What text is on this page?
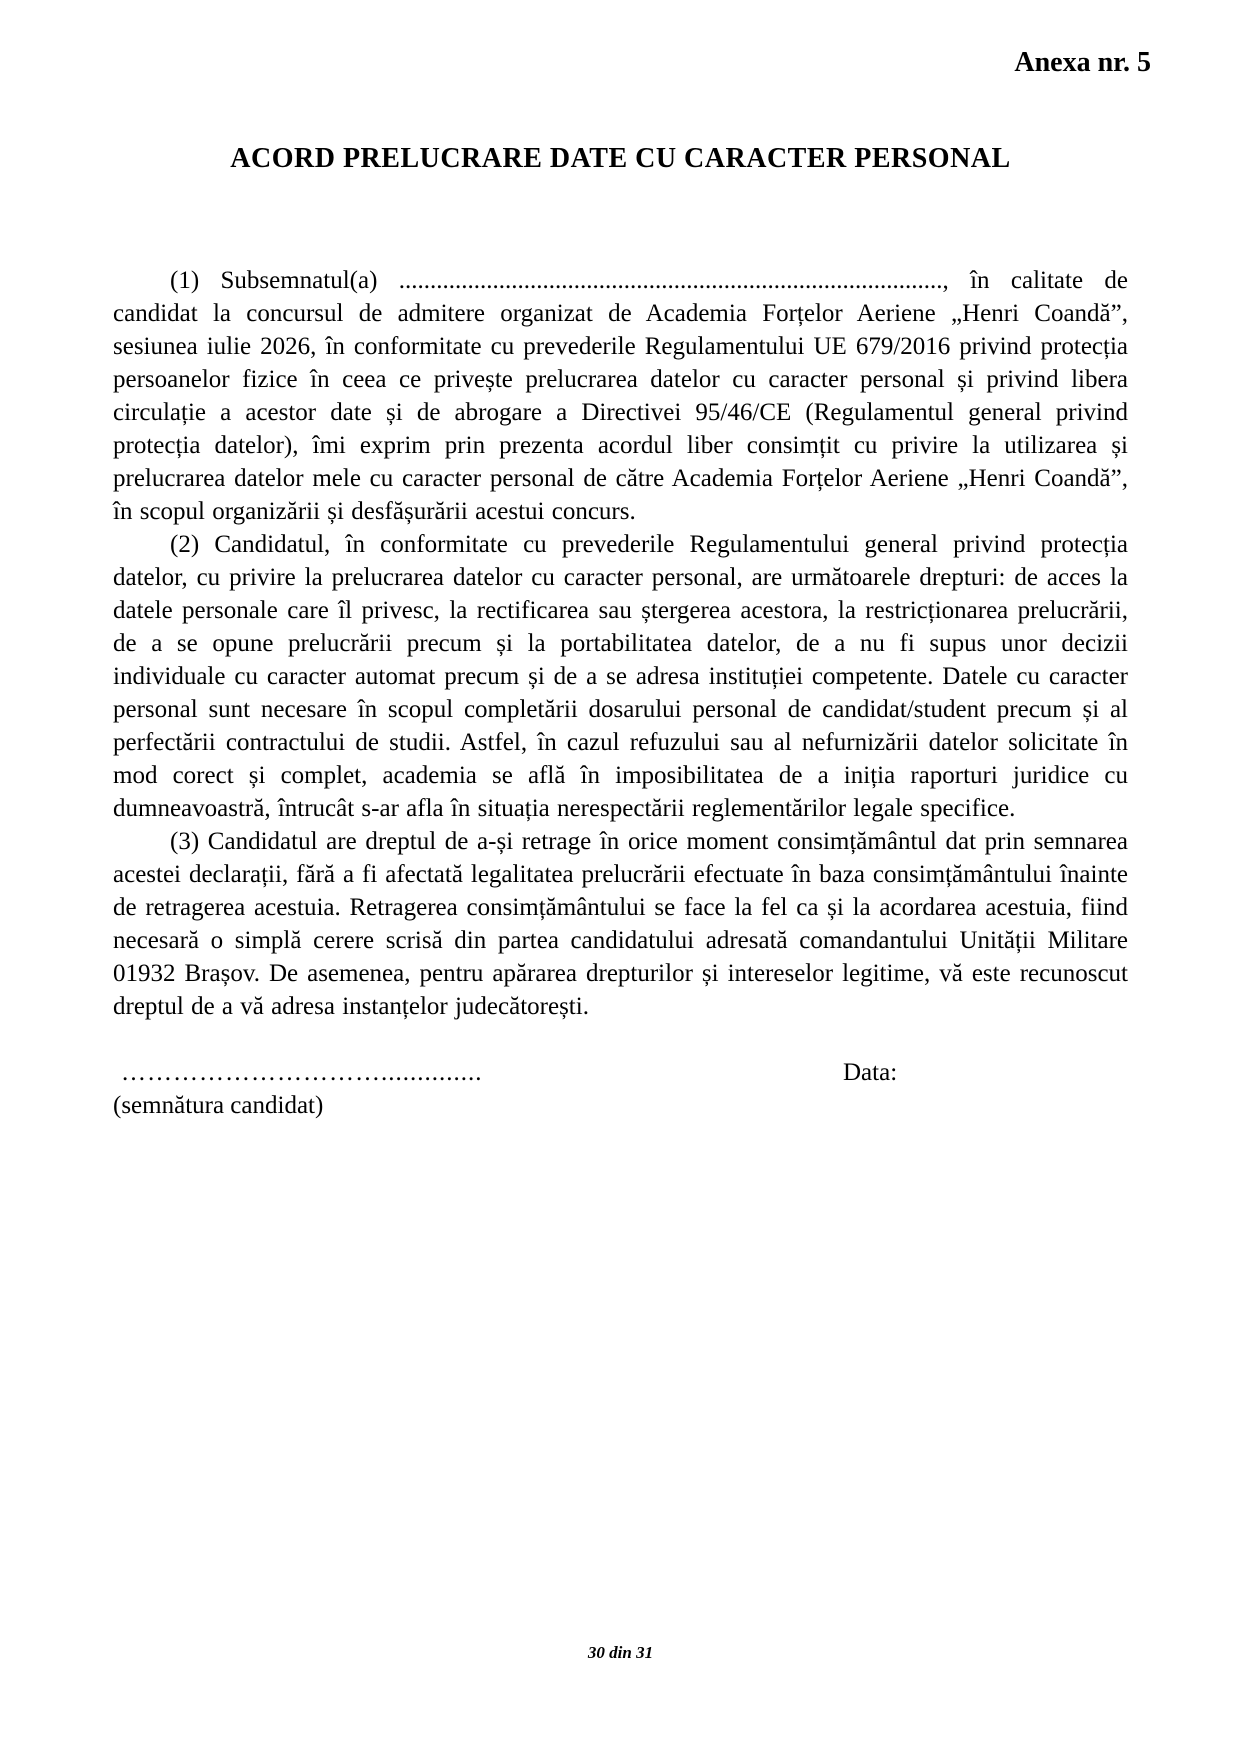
Anexa nr. 5
ACORD PRELUCRARE DATE CU CARACTER PERSONAL

(1) Subsemnatul(a) ......................................................................................., în calitate de candidat la concursul de admitere organizat de Academia Forțelor Aeriene „Henri Coandă”, sesiunea iulie 2026, în conformitate cu prevederile Regulamentului UE 679/2016 privind protecția persoanelor fizice în ceea ce privește prelucrarea datelor cu caracter personal și privind libera circulație a acestor date și de abrogare a Directivei 95/46/CE (Regulamentul general privind protecția datelor), îmi exprim prin prezenta acordul liber consimțit cu privire la utilizarea și prelucrarea datelor mele cu caracter personal de către Academia Forțelor Aeriene „Henri Coandă”, în scopul organizării și desfășurării acestui concurs.

(2) Candidatul, în conformitate cu prevederile Regulamentului general privind protecția datelor, cu privire la prelucrarea datelor cu caracter personal, are următoarele drepturi: de acces la datele personale care îl privesc, la rectificarea sau ștergerea acestora, la restricționarea prelucrării, de a se opune prelucrării precum și la portabilitatea datelor, de a nu fi supus unor decizii individuale cu caracter automat precum și de a se adresa instituției competente. Datele cu caracter personal sunt necesare în scopul completării dosarului personal de candidat/student precum și al perfectării contractului de studii. Astfel, în cazul refuzului sau al nefurnizării datelor solicitate în mod corect și complet, academia se află în imposibilitatea de a iniția raporturi juridice cu dumneavoastră, întrucât s-ar afla în situația nerespectării reglementărilor legale specifice.

(3) Candidatul are dreptul de a-și retrage în orice moment consimțământul dat prin semnarea acestei declarații, fără a fi afectată legalitatea prelucrării efectuate în baza consimțământului înainte de retragerea acestuia. Retragerea consimțământului se face la fel ca și la acordarea acestuia, fiind necesară o simplă cerere scrisă din partea candidatului adresată comandantului Unității Militare 01932 Brașov. De asemenea, pentru apărarea drepturilor și intereselor legitime, vă este recunoscut dreptul de a vă adresa instanțelor judecătorești.

…………………………..............
(semnătura candidat)
Data:
30 din 31
